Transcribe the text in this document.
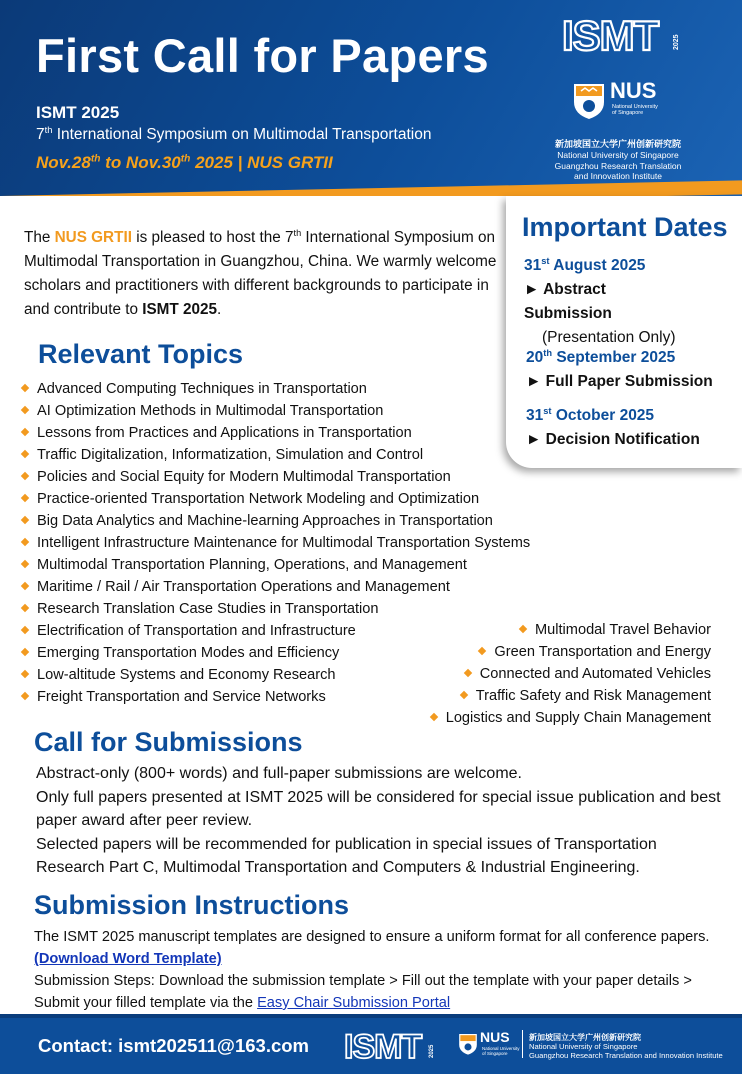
First Call for Papers
ISMT 2025
7th International Symposium on Multimodal Transportation
Nov.28th to Nov.30th 2025 | NUS GRTII
ISMT 2025
NUS
National University of Singapore
新加坡国立大学广州创新研究院
National University of Singapore
Guangzhou Research Translation
and Innovation Institute
The NUS GRTII is pleased to host the 7th International Symposium on Multimodal Transportation in Guangzhou, China. We warmly welcome scholars and practitioners with different backgrounds to participate in and contribute to ISMT 2025.
Important Dates
31st August 2025
► Abstract
Submission
(Presentation Only)
20th September 2025
► Full Paper Submission
31st October 2025
► Decision Notification
Relevant Topics
Advanced Computing Techniques in Transportation
AI Optimization Methods in Multimodal Transportation
Lessons from Practices and Applications in Transportation
Traffic Digitalization, Informatization, Simulation and Control
Policies and Social Equity for Modern Multimodal Transportation
Practice-oriented Transportation Network Modeling and Optimization
Big Data Analytics and Machine-learning Approaches in Transportation
Intelligent Infrastructure Maintenance for Multimodal Transportation Systems
Multimodal Transportation Planning, Operations, and Management
Maritime / Rail / Air Transportation Operations and Management
Research Translation Case Studies in Transportation
Electrification of Transportation and Infrastructure
Emerging Transportation Modes and Efficiency
Low-altitude Systems and Economy Research
Freight Transportation and Service Networks
Multimodal Travel Behavior
Green Transportation and Energy
Connected and Automated Vehicles
Traffic Safety and Risk Management
Logistics and Supply Chain Management
Call for Submissions
Abstract-only (800+ words) and full-paper submissions are welcome.
Only full papers presented at ISMT 2025 will be considered for special issue publication and best paper award after peer review.
Selected papers will be recommended for publication in special issues of Transportation Research Part C, Multimodal Transportation and Computers & Industrial Engineering.
Submission Instructions
The ISMT 2025 manuscript templates are designed to ensure a uniform format for all conference papers. (Download Word Template)
Submission Steps: Download the submission template > Fill out the template with your paper details > Submit your filled template via the Easy Chair Submission Portal
Contact: ismt202511@163.com ISMT 2025
NUS
National University of Singapore
新加坡国立大学广州创新研究院
National University of Singapore
Guangzhou Research Translation and Innovation Institute
